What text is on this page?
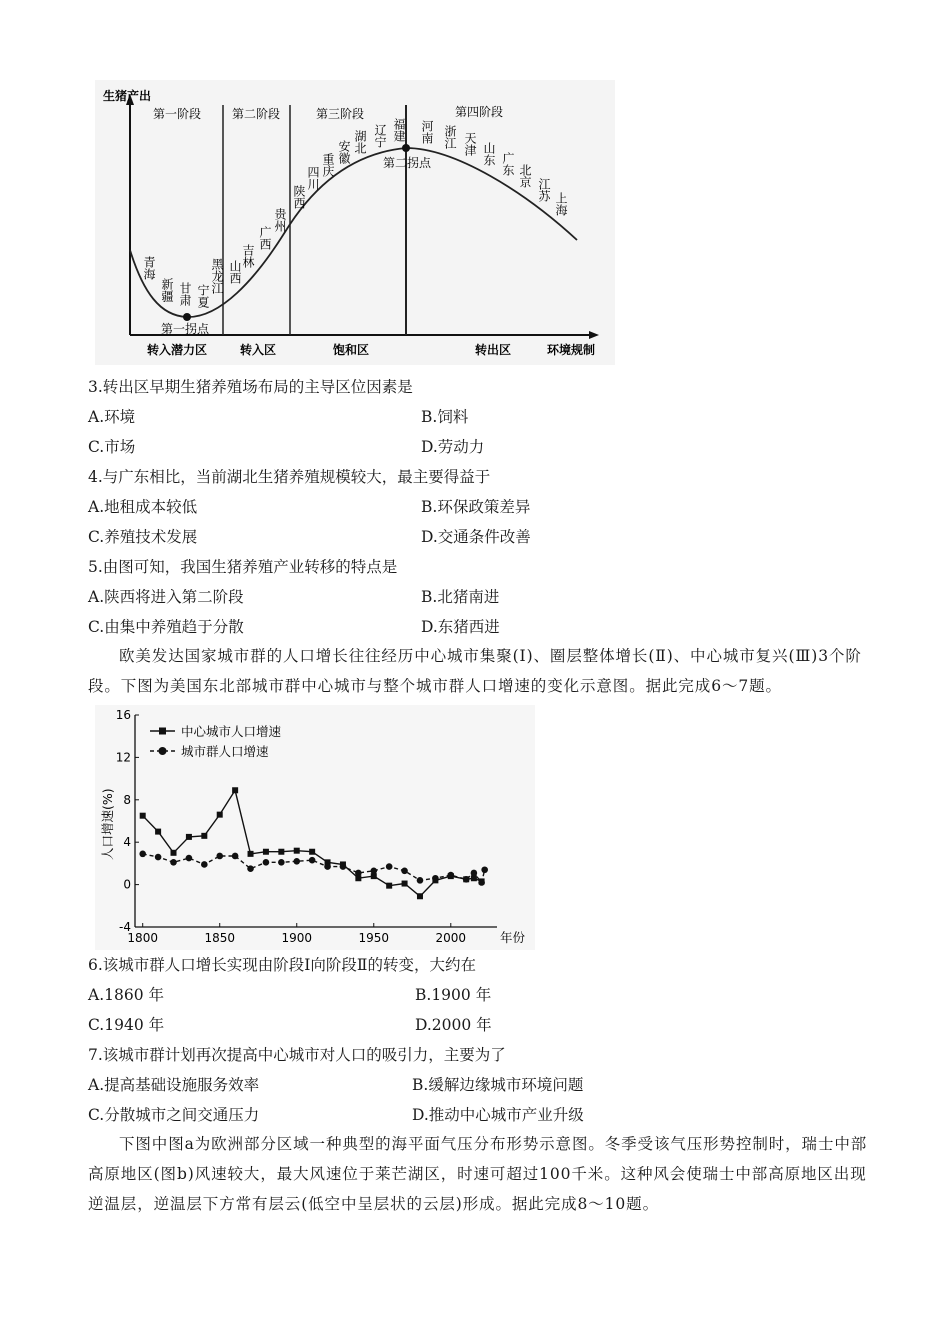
生猪产出
第一阶段	第二阶段	第三阶段	第四阶段
第一拐点
第二拐点
转入潜力区	转入区	饱和区	转出区	环境规制
青海
新疆 甘肃 宁夏
黑龙江 山西
吉林
广西
贵州
陕西
四川
重庆
安徽 湖北 辽宁 福建 河南 浙江 天津 山东 广东 北京
江苏
上海
3.转出区早期生猪养殖场布局的主导区位因素是
A.环境	B.饲料
C.市场	D.劳动力
4.与广东相比，当前湖北生猪养殖规模较大，最主要得益于
A.地租成本较低	B.环保政策差异
C.养殖技术发展	D.交通条件改善
5.由图可知，我国生猪养殖产业转移的特点是
A.陕西将进入第二阶段	B.北猪南进
C.由集中养殖趋于分散	D.东猪西进
欧美发达国家城市群的人口增长往往经历中心城市集聚(Ⅰ)、圈层整体增长(Ⅱ)、中心城市复兴(Ⅲ)3个阶段。下图为美国东北部城市群中心城市与整个城市群人口增速的变化示意图。据此完成6～7题。
-4
0
4
8
12
16
1800	1850	1900	1950	2000
中心城市人口增速
城市群人口增速
人口增速(%)
年份
6.该城市群人口增长实现由阶段Ⅰ向阶段Ⅱ的转变，大约在
A.1860 年	B.1900 年
C.1940 年	D.2000 年
7.该城市群计划再次提高中心城市对人口的吸引力，主要为了
A.提高基础设施服务效率	B.缓解边缘城市环境问题
C.分散城市之间交通压力	D.推动中心城市产业升级
下图中图a为欧洲部分区域一种典型的海平面气压分布形势示意图。冬季受该气压形势控制时，瑞士中部高原地区(图b)风速较大，最大风速位于莱芒湖区，时速可超过100千米。这种风会使瑞士中部高原地区出现逆温层，逆温层下方常有层云(低空中呈层状的云层)形成。据此完成8～10题。
